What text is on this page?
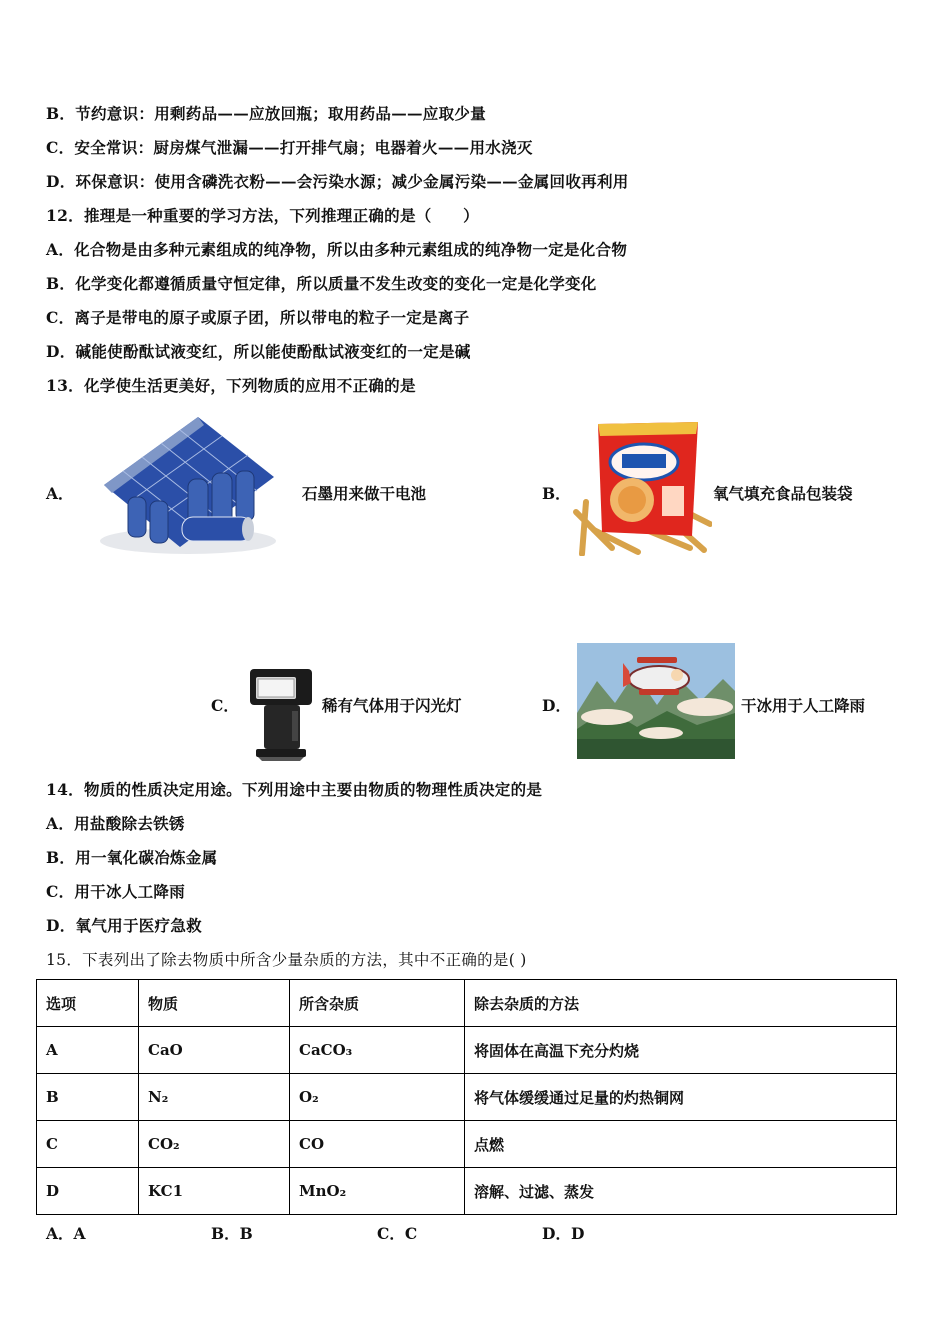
B．节约意识：用剩药品——应放回瓶；取用药品——应取少量
C．安全常识：厨房煤气泄漏——打开排气扇；电器着火——用水浇灭
D．环保意识：使用含磷洗衣粉——会污染水源；减少金属污染——金属回收再利用
12．推理是一种重要的学习方法，下列推理正确的是（　　）
A．化合物是由多种元素组成的纯净物，所以由多种元素组成的纯净物一定是化合物
B．化学变化都遵循质量守恒定律，所以质量不发生改变的变化一定是化学变化
C．离子是带电的原子或原子团，所以带电的粒子一定是离子
D．碱能使酚酞试液变红，所以能使酚酞试液变红的一定是碱
13．化学使生活更美好，下列物质的应用不正确的是
A．	石墨用来做干电池	B．	氧气填充食品包装袋
C．	稀有气体用于闪光灯	D．	干冰用于人工降雨
14．物质的性质决定用途。下列用途中主要由物质的物理性质决定的是
A．用盐酸除去铁锈
B．用一氧化碳冶炼金属
C．用干冰人工降雨
D．氧气用于医疗急救
15．下表列出了除去物质中所含少量杂质的方法，其中不正确的是( )
选项	物质	所含杂质	除去杂质的方法
A	CaO	CaCO₃	将固体在高温下充分灼烧
B	N₂	O₂	将气体缓缓通过足量的灼热铜网
C	CO₂	CO	点燃
D	KC1	MnO₂	溶解、过滤、蒸发
A．A	B．B	C．C	D．D
